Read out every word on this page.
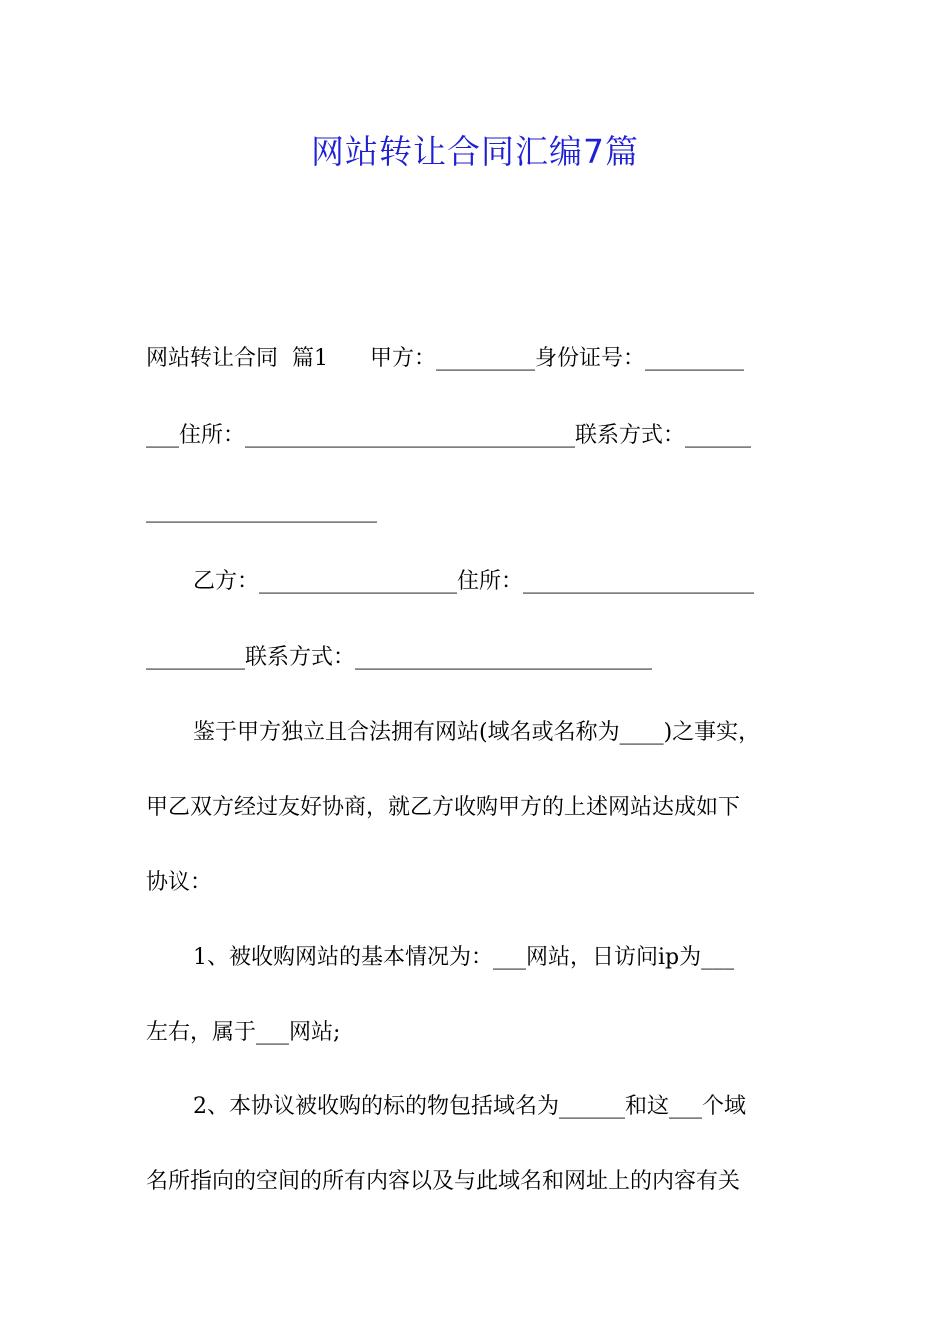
网站转让合同汇编7篇
网站转让合同  篇1      甲方：_________身份证号：_________
___住所：______________________________联系方式：______
_____________________
乙方：__________________住所：_____________________
_________联系方式：___________________________
鉴于甲方独立且合法拥有网站(域名或名称为____)之事实，
甲乙双方经过友好协商，就乙方收购甲方的上述网站达成如下
协议：
1、被收购网站的基本情况为：___网站，日访问ip为___
左右，属于___网站;
2、本协议被收购的标的物包括域名为______和这___个域
名所指向的空间的所有内容以及与此域名和网址上的内容有关
